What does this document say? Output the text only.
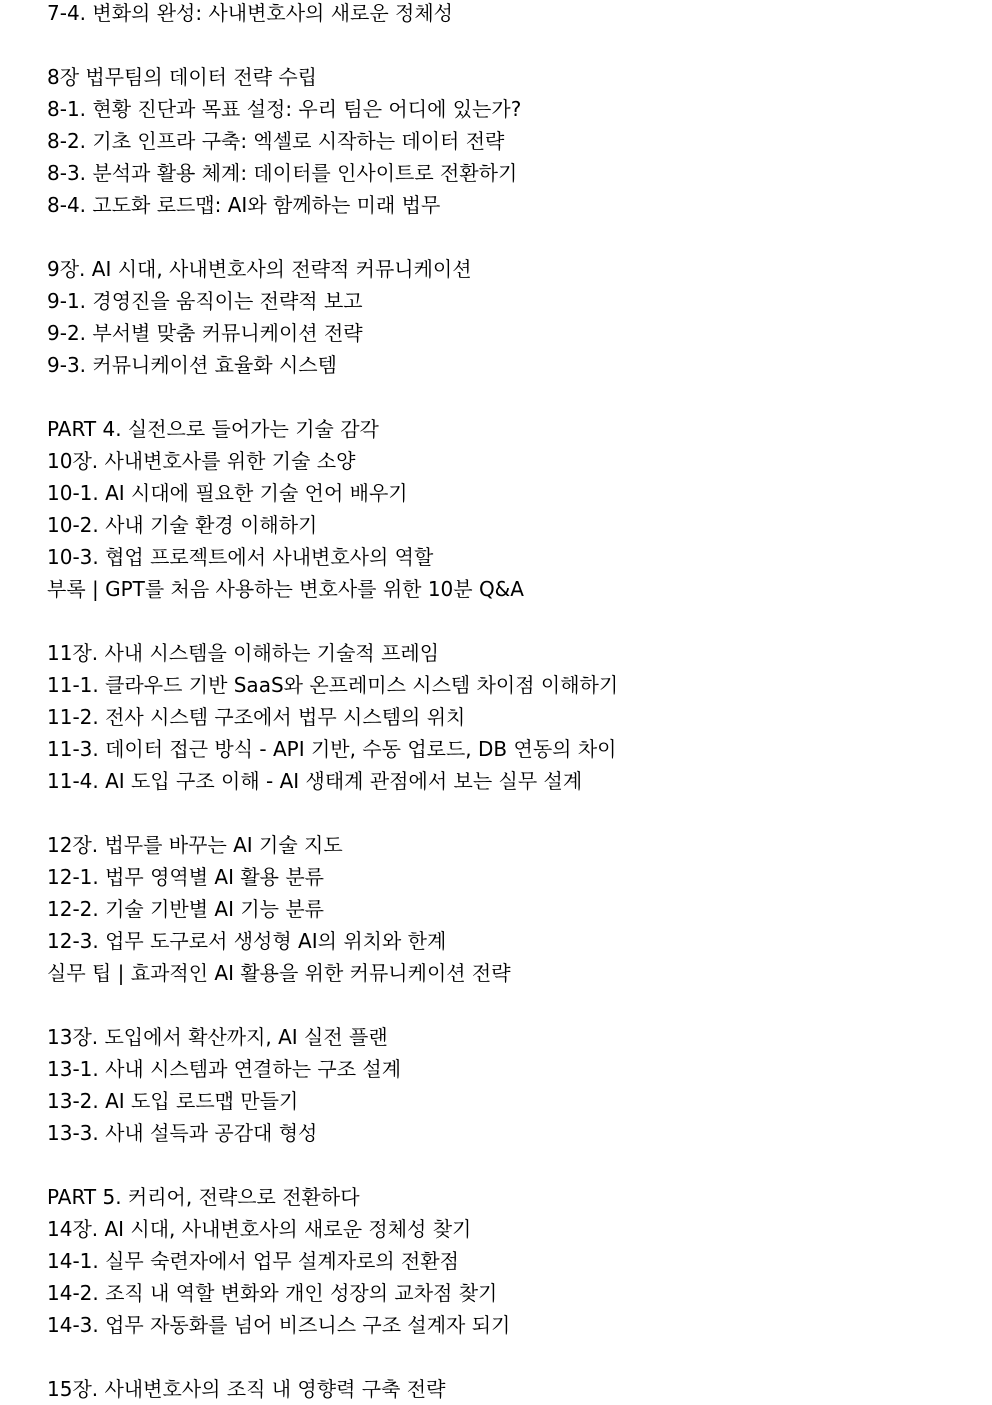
7-4. 변화의 완성: 사내변호사의 새로운 정체성
8장 법무팀의 데이터 전략 수립
8-1. 현황 진단과 목표 설정: 우리 팀은 어디에 있는가?
8-2. 기초 인프라 구축: 엑셀로 시작하는 데이터 전략
8-3. 분석과 활용 체계: 데이터를 인사이트로 전환하기
8-4. 고도화 로드맵: AI와 함께하는 미래 법무
9장. AI 시대, 사내변호사의 전략적 커뮤니케이션
9-1. 경영진을 움직이는 전략적 보고
9-2. 부서별 맞춤 커뮤니케이션 전략
9-3. 커뮤니케이션 효율화 시스템
PART 4. 실전으로 들어가는 기술 감각
10장. 사내변호사를 위한 기술 소양
10-1. AI 시대에 필요한 기술 언어 배우기
10-2. 사내 기술 환경 이해하기
10-3. 협업 프로젝트에서 사내변호사의 역할
부록 | GPT를 처음 사용하는 변호사를 위한 10분 Q&A
11장. 사내 시스템을 이해하는 기술적 프레임
11-1. 클라우드 기반 SaaS와 온프레미스 시스템 차이점 이해하기
11-2. 전사 시스템 구조에서 법무 시스템의 위치
11-3. 데이터 접근 방식 - API 기반, 수동 업로드, DB 연동의 차이
11-4. AI 도입 구조 이해 - AI 생태계 관점에서 보는 실무 설계
12장. 법무를 바꾸는 AI 기술 지도
12-1. 법무 영역별 AI 활용 분류
12-2. 기술 기반별 AI 기능 분류
12-3. 업무 도구로서 생성형 AI의 위치와 한계
실무 팁 | 효과적인 AI 활용을 위한 커뮤니케이션 전략
13장. 도입에서 확산까지, AI 실전 플랜
13-1. 사내 시스템과 연결하는 구조 설계
13-2. AI 도입 로드맵 만들기
13-3. 사내 설득과 공감대 형성
PART 5. 커리어, 전략으로 전환하다
14장. AI 시대, 사내변호사의 새로운 정체성 찾기
14-1. 실무 숙련자에서 업무 설계자로의 전환점
14-2. 조직 내 역할 변화와 개인 성장의 교차점 찾기
14-3. 업무 자동화를 넘어 비즈니스 구조 설계자 되기
15장. 사내변호사의 조직 내 영향력 구축 전략
